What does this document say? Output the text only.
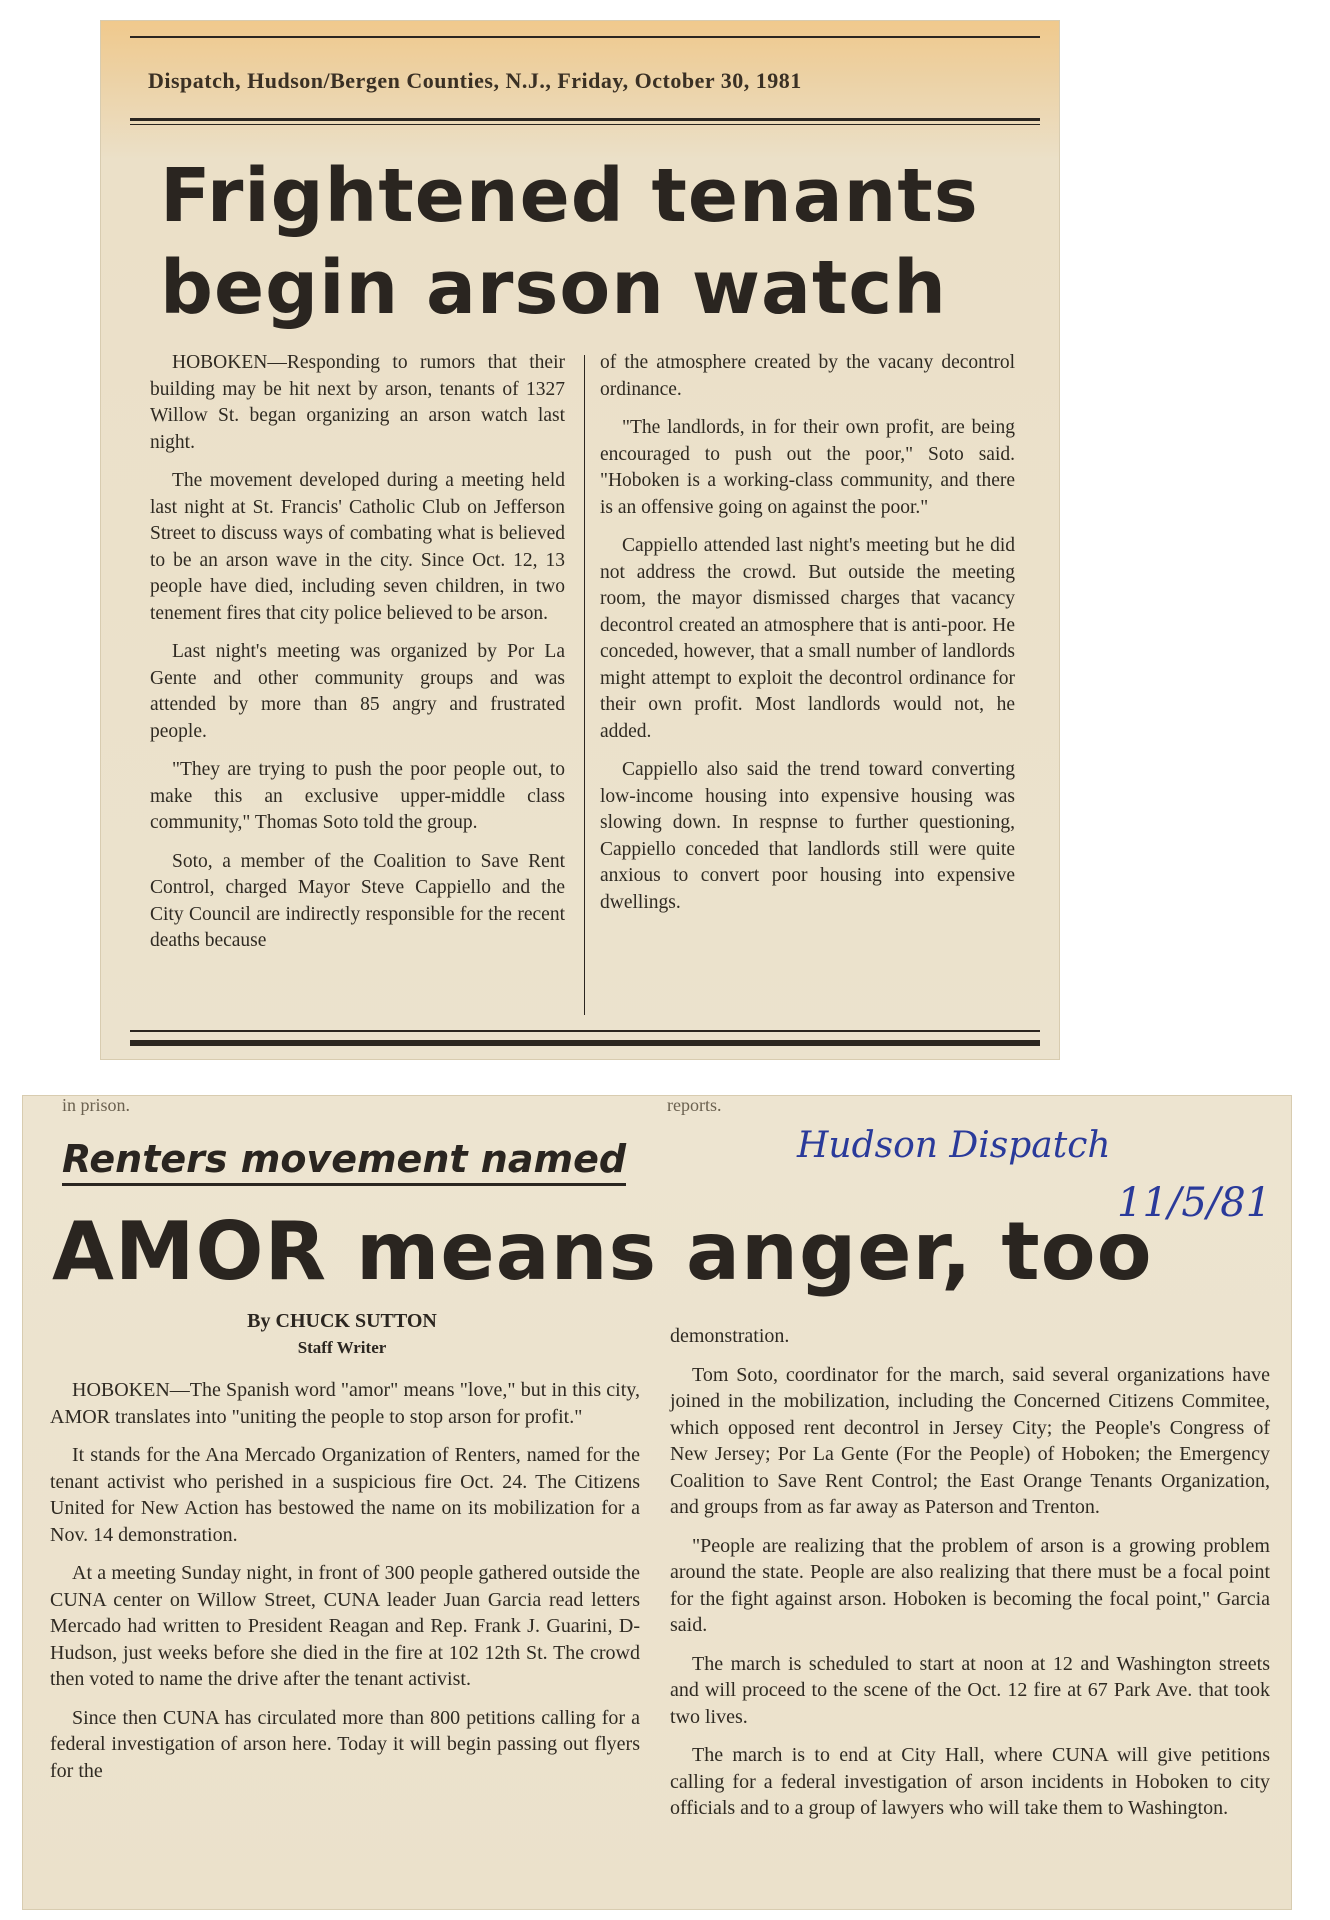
Dispatch, Hudson/Bergen Counties, N.J., Friday, October 30, 1981
Frightened tenants
begin arson watch

HOBOKEN—Responding to rumors that their building may be hit next by arson, tenants of 1327 Willow St. began organizing an arson watch last night.

The movement developed during a meeting held last night at St. Francis' Catholic Club on Jefferson Street to discuss ways of combating what is believed to be an arson wave in the city. Since Oct. 12, 13 people have died, including seven children, in two tenement fires that city police believed to be arson.

Last night's meeting was organized by Por La Gente and other community groups and was attended by more than 85 angry and frustrated people.

"They are trying to push the poor people out, to make this an exclusive upper-middle class community," Thomas Soto told the group.

Soto, a member of the Coalition to Save Rent Control, charged Mayor Steve Cappiello and the City Council are indirectly responsible for the recent deaths because

of the atmosphere created by the vacany decontrol ordinance.

"The landlords, in for their own profit, are being encouraged to push out the poor," Soto said. "Hoboken is a working-class community, and there is an offensive going on against the poor."

Cappiello attended last night's meeting but he did not address the crowd. But outside the meeting room, the mayor dismissed charges that vacancy decontrol created an atmosphere that is anti-poor. He conceded, however, that a small number of landlords might attempt to exploit the decontrol ordinance for their own profit. Most landlords would not, he added.

Cappiello also said the trend toward converting low-income housing into expensive housing was slowing down. In respnse to further questioning, Cappiello conceded that landlords still were quite anxious to convert poor housing into expensive dwellings.

in prison.	reports.
Renters movement named	Hudson Dispatch
11/5/81
AMOR means anger, too
By CHUCK SUTTON
Staff Writer

HOBOKEN—The Spanish word "amor" means "love," but in this city, AMOR translates into "uniting the people to stop arson for profit."

It stands for the Ana Mercado Organization of Renters, named for the tenant activist who perished in a suspicious fire Oct. 24. The Citizens United for New Action has bestowed the name on its mobilization for a Nov. 14 demonstration.

At a meeting Sunday night, in front of 300 people gathered outside the CUNA center on Willow Street, CUNA leader Juan Garcia read letters Mercado had written to President Reagan and Rep. Frank J. Guarini, D-Hudson, just weeks before she died in the fire at 102 12th St. The crowd then voted to name the drive after the tenant activist.

Since then CUNA has circulated more than 800 petitions calling for a federal investigation of arson here. Today it will begin passing out flyers for the

demonstration.

Tom Soto, coordinator for the march, said several organizations have joined in the mobilization, including the Concerned Citizens Commitee, which opposed rent decontrol in Jersey City; the People's Congress of New Jersey; Por La Gente (For the People) of Hoboken; the Emergency Coalition to Save Rent Control; the East Orange Tenants Organization, and groups from as far away as Paterson and Trenton.

"People are realizing that the problem of arson is a growing problem around the state. People are also realizing that there must be a focal point for the fight against arson. Hoboken is becoming the focal point," Garcia said.

The march is scheduled to start at noon at 12 and Washington streets and will proceed to the scene of the Oct. 12 fire at 67 Park Ave. that took two lives.

The march is to end at City Hall, where CUNA will give petitions calling for a federal investigation of arson incidents in Hoboken to city officials and to a group of lawyers who will take them to Washington.
